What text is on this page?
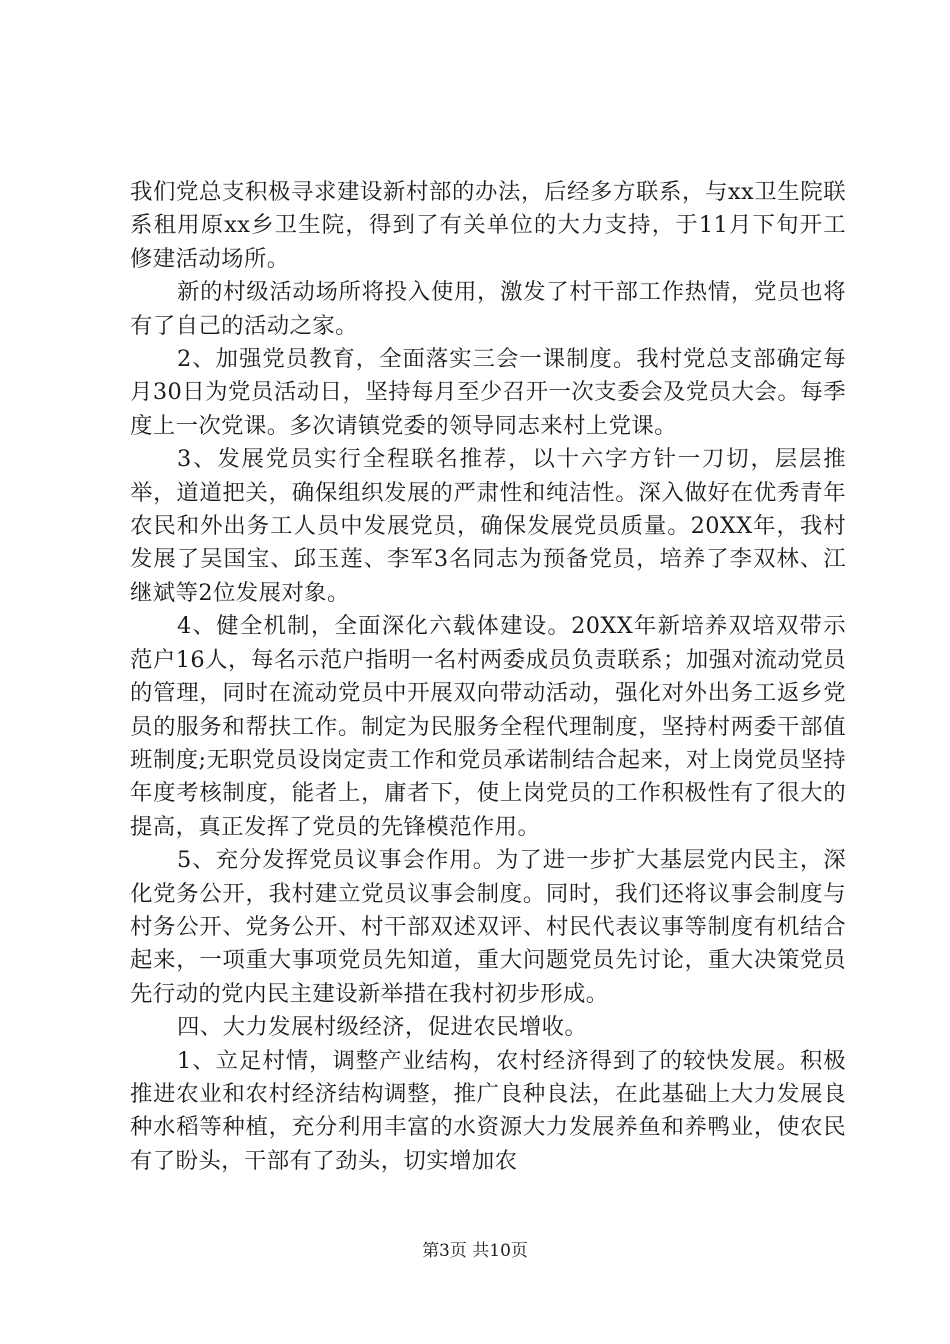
我们党总支积极寻求建设新村部的办法，后经多方联系，与xx卫生院联系租用原xx乡卫生院，得到了有关单位的大力支持，于11月下旬开工修建活动场所。

新的村级活动场所将投入使用，激发了村干部工作热情，党员也将有了自己的活动之家。

2、加强党员教育，全面落实三会一课制度。我村党总支部确定每月30日为党员活动日，坚持每月至少召开一次支委会及党员大会。每季度上一次党课。多次请镇党委的领导同志来村上党课。

3、发展党员实行全程联名推荐，以十六字方针一刀切，层层推举，道道把关，确保组织发展的严肃性和纯洁性。深入做好在优秀青年农民和外出务工人员中发展党员，确保发展党员质量。20XX年，我村发展了吴国宝、邱玉莲、李军3名同志为预备党员，培养了李双林、江继斌等2位发展对象。

4、健全机制，全面深化六载体建设。20XX年新培养双培双带示范户16人，每名示范户指明一名村两委成员负责联系；加强对流动党员的管理，同时在流动党员中开展双向带动活动，强化对外出务工返乡党员的服务和帮扶工作。制定为民服务全程代理制度，坚持村两委干部值班制度;无职党员设岗定责工作和党员承诺制结合起来，对上岗党员坚持年度考核制度，能者上，庸者下，使上岗党员的工作积极性有了很大的提高，真正发挥了党员的先锋模范作用。

5、充分发挥党员议事会作用。为了进一步扩大基层党内民主，深化党务公开，我村建立党员议事会制度。同时，我们还将议事会制度与村务公开、党务公开、村干部双述双评、村民代表议事等制度有机结合起来，一项重大事项党员先知道，重大问题党员先讨论，重大决策党员先行动的党内民主建设新举措在我村初步形成。

四、大力发展村级经济，促进农民增收。

1、立足村情，调整产业结构，农村经济得到了的较快发展。积极推进农业和农村经济结构调整，推广良种良法，在此基础上大力发展良种水稻等种植，充分利用丰富的水资源大力发展养鱼和养鸭业，使农民有了盼头，干部有了劲头，切实增加农

第3页 共10页
